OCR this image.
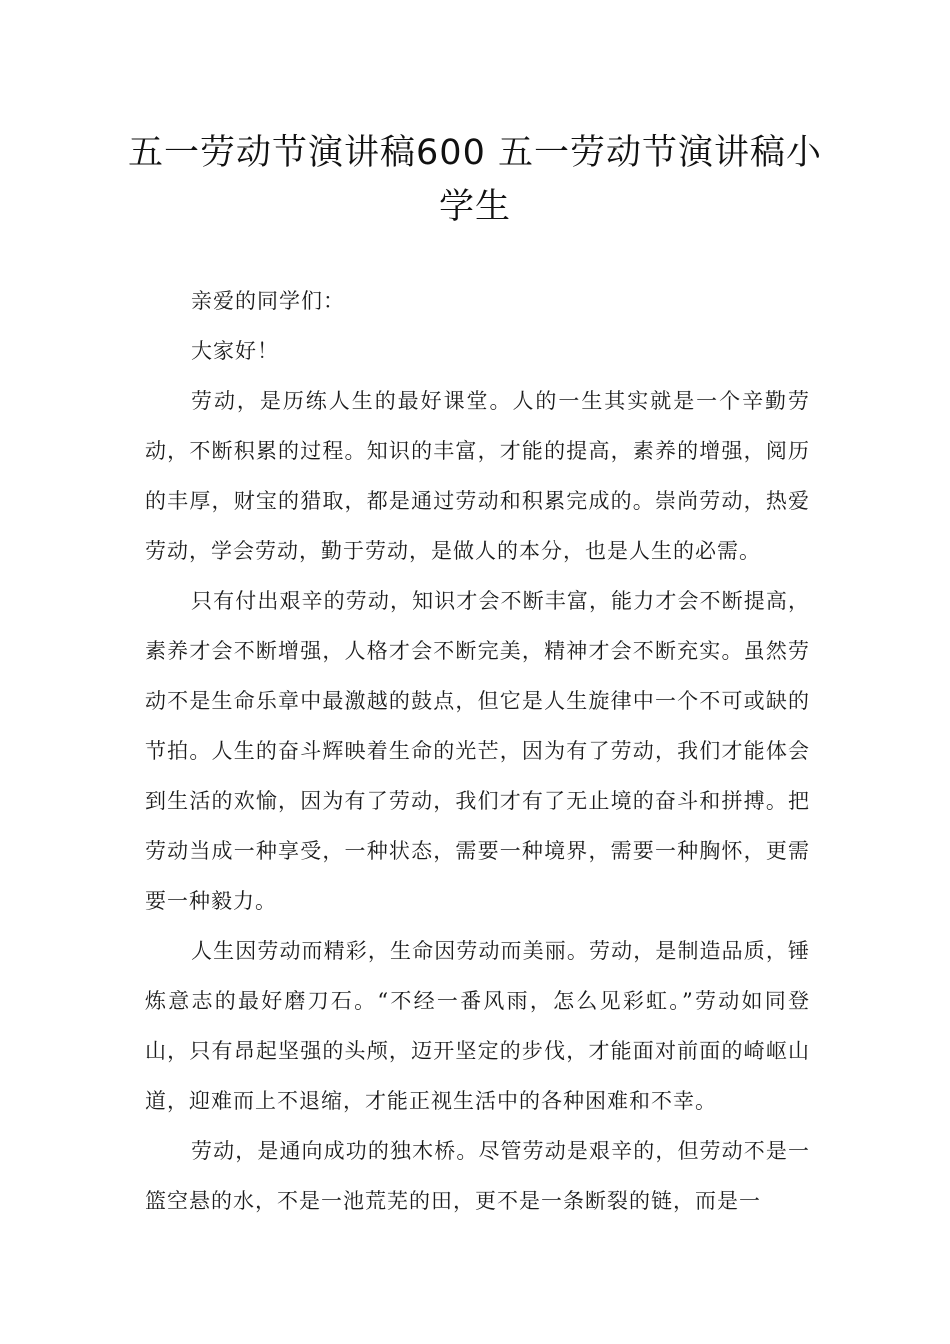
五一劳动节演讲稿600 五一劳动节演讲稿小学生

亲爱的同学们：

大家好！

劳动，是历练人生的最好课堂。人的一生其实就是一个辛勤劳动，不断积累的过程。知识的丰富，才能的提高，素养的增强，阅历的丰厚，财宝的猎取，都是通过劳动和积累完成的。崇尚劳动，热爱劳动，学会劳动，勤于劳动，是做人的本分，也是人生的必需。

只有付出艰辛的劳动，知识才会不断丰富，能力才会不断提高，素养才会不断增强，人格才会不断完美，精神才会不断充实。虽然劳动不是生命乐章中最激越的鼓点，但它是人生旋律中一个不可或缺的节拍。人生的奋斗辉映着生命的光芒，因为有了劳动，我们才能体会到生活的欢愉，因为有了劳动，我们才有了无止境的奋斗和拼搏。把劳动当成一种享受，一种状态，需要一种境界，需要一种胸怀，更需要一种毅力。

人生因劳动而精彩，生命因劳动而美丽。劳动，是制造品质，锤炼意志的最好磨刀石。“不经一番风雨，怎么见彩虹。”劳动如同登山，只有昂起坚强的头颅，迈开坚定的步伐，才能面对前面的崎岖山道，迎难而上不退缩，才能正视生活中的各种困难和不幸。

劳动，是通向成功的独木桥。尽管劳动是艰辛的，但劳动不是一篮空悬的水，不是一池荒芜的田，更不是一条断裂的链，而是一
